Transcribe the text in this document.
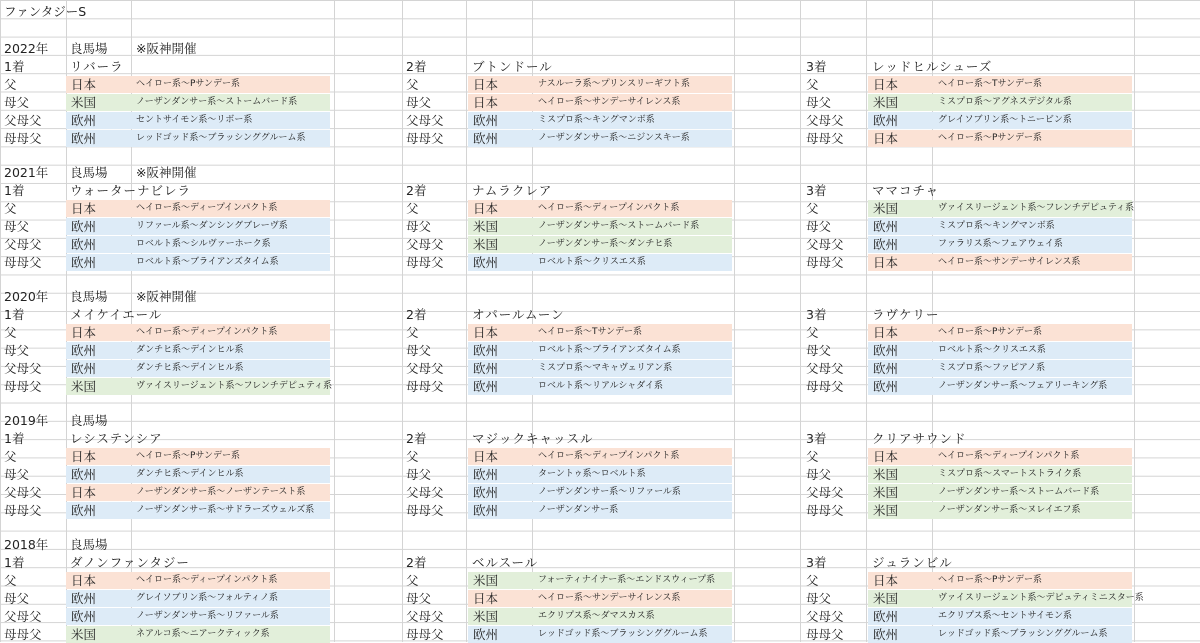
ファンタジーS
2022年 良馬場 ※阪神開催
1着	リバーラ
父	日本	ヘイロー系〜Pサンデー系
母父	米国	ノーザンダンサー系〜ストームバード系
父母父 欧州	セントサイモン系〜リボー系
母母父 欧州	レッドゴッド系〜ブラッシンググルーム系
2着	ブトンドール
父	日本	ナスルーラ系〜プリンスリーギフト系
母父	日本	ヘイロー系〜サンデーサイレンス系
父母父 欧州	ミスプロ系〜キングマンボ系
母母父 欧州	ノーザンダンサー系〜ニジンスキー系
3着	レッドヒルシューズ
父	日本	ヘイロー系〜Tサンデー系
母父	米国	ミスプロ系〜アグネスデジタル系
父母父 欧州	グレイソブリン系〜トニービン系
母母父 日本	ヘイロー系〜Pサンデー系
2021年 良馬場 ※阪神開催
1着	ウォーターナビレラ
父	日本	ヘイロー系〜ディープインパクト系
母父	欧州	リファール系〜ダンシングブレーヴ系
父母父 欧州	ロベルト系〜シルヴァーホーク系
母母父 欧州	ロベルト系〜ブライアンズタイム系
2着	ナムラクレア
父	日本	ヘイロー系〜ディープインパクト系
母父	米国	ノーザンダンサー系〜ストームバード系
父母父 米国	ノーザンダンサー系〜ダンチヒ系
母母父 欧州	ロベルト系〜クリスエス系
3着	ママコチャ
父	米国	ヴァイスリージェント系〜フレンチデピュティ系
母父	欧州	ミスプロ系〜キングマンボ系
父母父 欧州	ファラリス系〜フェアウェイ系
母母父 日本	ヘイロー系〜サンデーサイレンス系
2020年 良馬場 ※阪神開催
1着	メイケイエール
父	日本	ヘイロー系〜ディープインパクト系
母父	欧州	ダンチヒ系〜デインヒル系
父母父 欧州	ダンチヒ系〜デインヒル系
母母父 米国	ヴァイスリージェント系〜フレンチデピュティ系
2着	オパールムーン
父	日本	ヘイロー系〜Tサンデー系
母父	欧州	ロベルト系〜ブライアンズタイム系
父母父 欧州	ミスプロ系〜マキャヴェリアン系
母母父 欧州	ロベルト系〜リアルシャダイ系
3着	ラヴケリー
父	日本	ヘイロー系〜Pサンデー系
母父	欧州	ロベルト系〜クリスエス系
父母父 欧州	ミスプロ系〜ファピアノ系
母母父 欧州	ノーザンダンサー系〜フェアリーキング系
2019年 良馬場
1着	レシステンシア
父	日本	ヘイロー系〜Pサンデー系
母父	欧州	ダンチヒ系〜デインヒル系
父母父 日本	ノーザンダンサー系〜ノーザンテースト系
母母父 欧州	ノーザンダンサー系〜サドラーズウェルズ系
2着	マジックキャッスル
父	日本	ヘイロー系〜ディープインパクト系
母父	欧州	ターントゥ系〜ロベルト系
父母父 欧州	ノーザンダンサー系〜リファール系
母母父 欧州	ノーザンダンサー系
3着	クリアサウンド
父	日本	ヘイロー系〜ディープインパクト系
母父	米国	ミスプロ系〜スマートストライク系
父母父 米国	ノーザンダンサー系〜ストームバード系
母母父 米国	ノーザンダンサー系〜ヌレイエフ系
2018年 良馬場
1着	ダノンファンタジー
父	日本	ヘイロー系〜ディープインパクト系
母父	欧州	グレイソブリン系〜フォルティノ系
父母父 欧州	ノーザンダンサー系〜リファール系
母母父 米国	ネアルコ系〜ニアークティック系
2着	ベルスール
父	米国	フォーティナイナー系〜エンドスウィープ系
母父	日本	ヘイロー系〜サンデーサイレンス系
父母父 米国	エクリプス系〜ダマスカス系
母母父 欧州	レッドゴッド系〜ブラッシンググルーム系
3着	ジュランビル
父	日本	ヘイロー系〜Pサンデー系
母父	米国	ヴァイスリージェント系〜デピュティミニスター系
父母父 欧州	エクリプス系〜セントサイモン系
母母父 欧州	レッドゴッド系〜ブラッシンググルーム系
